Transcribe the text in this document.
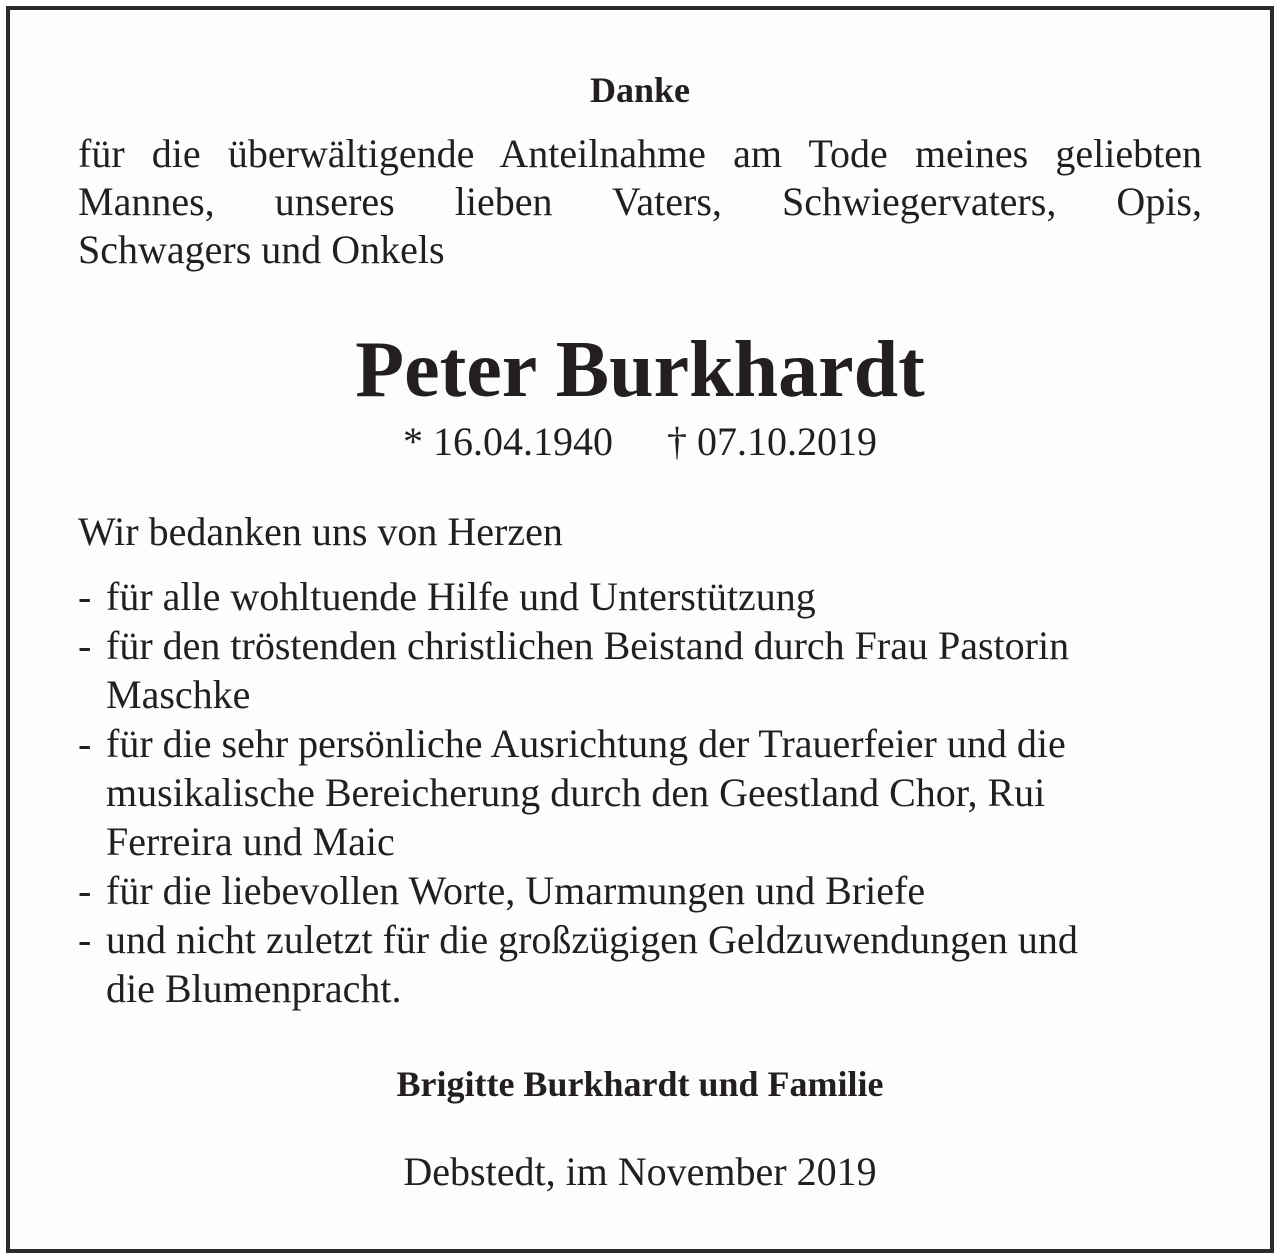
Danke
für die überwältigende Anteilnahme am Tode meines geliebten
Mannes, unseres lieben Vaters, Schwiegervaters, Opis,
Schwagers und Onkels
Peter Burkhardt
* 16.04.1940 † 07.10.2019
Wir bedanken uns von Herzen
- für alle wohltuende Hilfe und Unterstützung
- für den tröstenden christlichen Beistand durch Frau Pastorin
Maschke
- für die sehr persönliche Ausrichtung der Trauerfeier und die
musikalische Bereicherung durch den Geestland Chor, Rui
Ferreira und Maic
- für die liebevollen Worte, Umarmungen und Briefe
- und nicht zuletzt für die großzügigen Geldzuwendungen und
die Blumenpracht.
Brigitte Burkhardt und Familie
Debstedt, im November 2019
